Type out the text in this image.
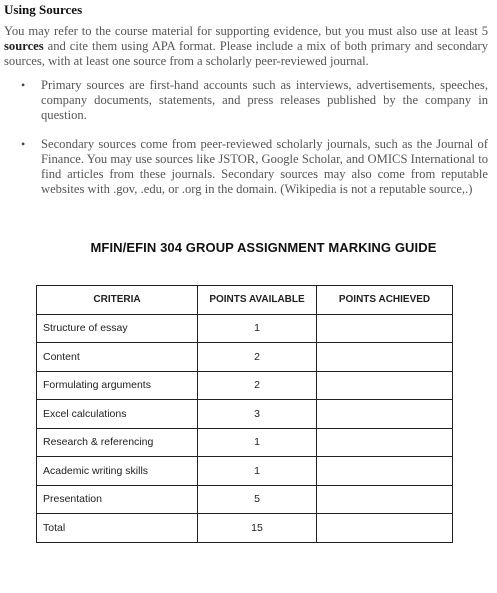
Using Sources

You may refer to the course material for supporting evidence, but you must also use at least 5 sources and cite them using APA format. Please include a mix of both primary and secondary sources, with at least one source from a scholarly peer-reviewed journal.

• Primary sources are first-hand accounts such as interviews, advertisements, speeches, company documents, statements, and press releases published by the company in question.
• Secondary sources come from peer-reviewed scholarly journals, such as the Journal of Finance. You may use sources like JSTOR, Google Scholar, and OMICS International to find articles from these journals. Secondary sources may also come from reputable websites with .gov, .edu, or .org in the domain. (Wikipedia is not a reputable source,.)
MFIN/EFIN 304 GROUP ASSIGNMENT MARKING GUIDE
CRITERIA	POINTS AVAILABLE	POINTS ACHIEVED
Structure of essay	1	
Content	2	
Formulating arguments	2	
Excel calculations	3	
Research & referencing	1	
Academic writing skills	1	
Presentation	5	
Total	15	
